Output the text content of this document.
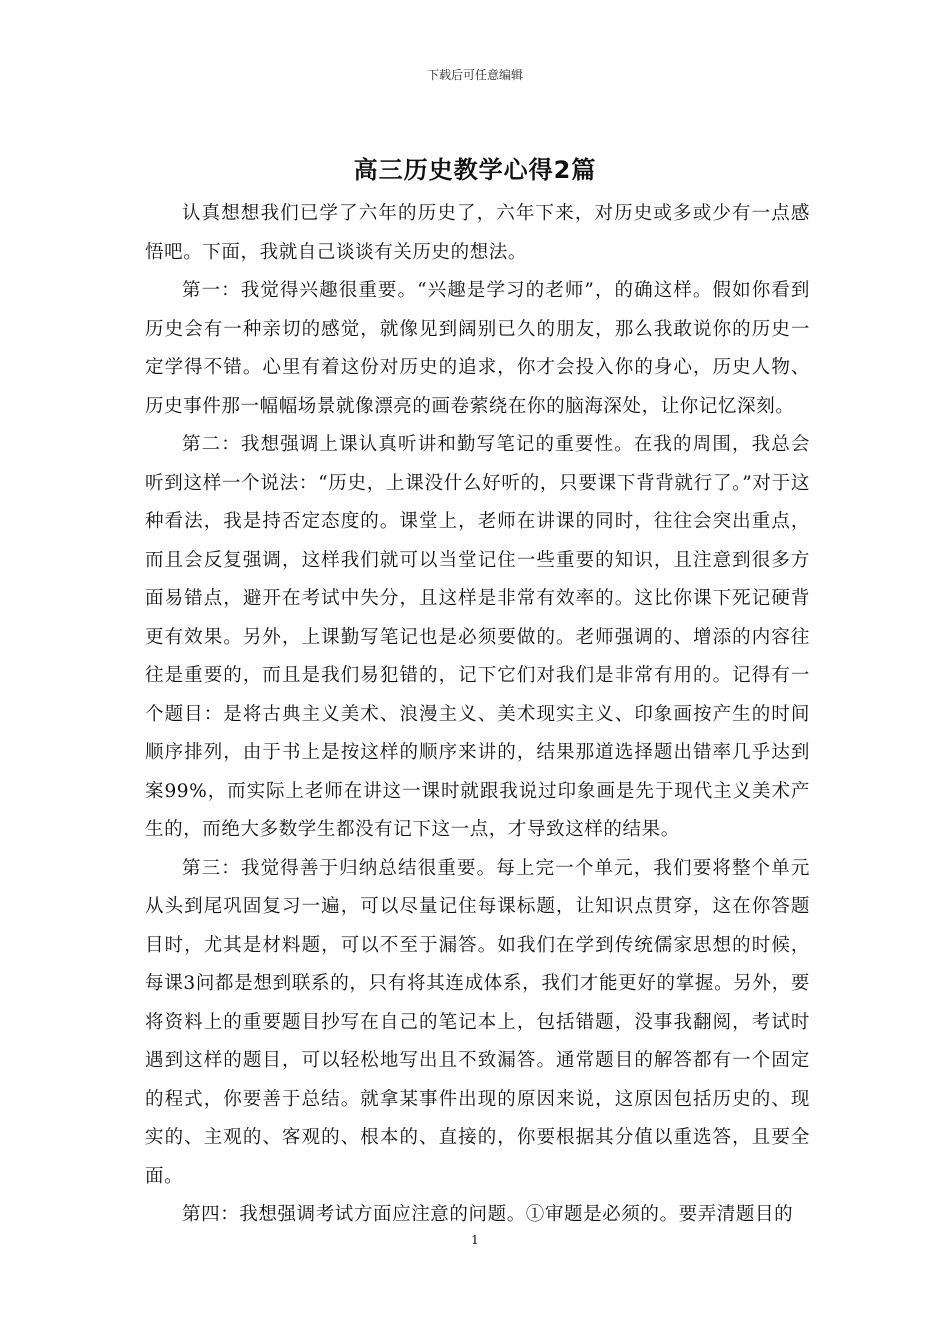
下载后可任意编辑
高三历史教学心得2篇

认真想想我们已学了六年的历史了，六年下来，对历史或多或少有一点感悟吧。下面，我就自己谈谈有关历史的想法。

第一：我觉得兴趣很重要。“兴趣是学习的老师”，的确这样。假如你看到历史会有一种亲切的感觉，就像见到阔别已久的朋友，那么我敢说你的历史一定学得不错。心里有着这份对历史的追求，你才会投入你的身心，历史人物、历史事件那一幅幅场景就像漂亮的画卷萦绕在你的脑海深处，让你记忆深刻。

第二：我想强调上课认真听讲和勤写笔记的重要性。在我的周围，我总会听到这样一个说法：“历史，上课没什么好听的，只要课下背背就行了。”对于这种看法，我是持否定态度的。课堂上，老师在讲课的同时，往往会突出重点，而且会反复强调，这样我们就可以当堂记住一些重要的知识，且注意到很多方面易错点，避开在考试中失分，且这样是非常有效率的。这比你课下死记硬背更有效果。另外，上课勤写笔记也是必须要做的。老师强调的、增添的内容往往是重要的，而且是我们易犯错的，记下它们对我们是非常有用的。记得有一个题目：是将古典主义美术、浪漫主义、美术现实主义、印象画按产生的时间顺序排列，由于书上是按这样的顺序来讲的，结果那道选择题出错率几乎达到案99%，而实际上老师在讲这一课时就跟我说过印象画是先于现代主义美术产生的，而绝大多数学生都没有记下这一点，才导致这样的结果。

第三：我觉得善于归纳总结很重要。每上完一个单元，我们要将整个单元从头到尾巩固复习一遍，可以尽量记住每课标题，让知识点贯穿，这在你答题目时，尤其是材料题，可以不至于漏答。如我们在学到传统儒家思想的时候，每课3问都是想到联系的，只有将其连成体系，我们才能更好的掌握。另外，要将资料上的重要题目抄写在自己的笔记本上，包括错题，没事我翻阅，考试时遇到这样的题目，可以轻松地写出且不致漏答。通常题目的解答都有一个固定的程式，你要善于总结。就拿某事件出现的原因来说，这原因包括历史的、现实的、主观的、客观的、根本的、直接的，你要根据其分值以重选答，且要全面。

第四：我想强调考试方面应注意的问题。①审题是必须的。要弄清题目的

1
